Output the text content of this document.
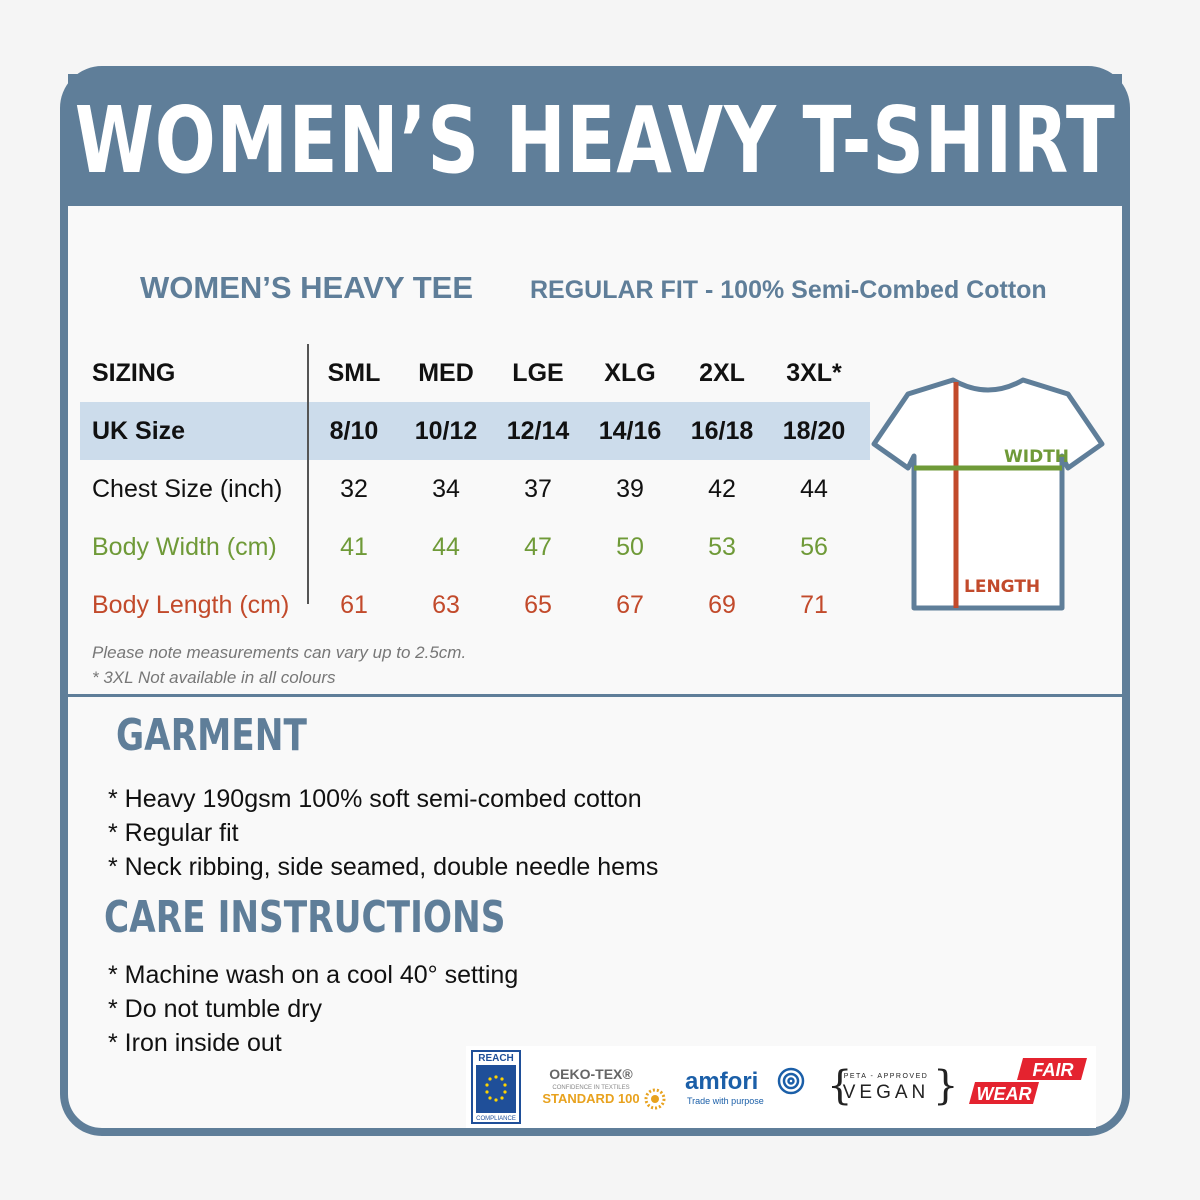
WOMEN’S HEAVY T-SHIRT
WOMEN’S HEAVY TEE REGULAR FIT - 100% Semi-Combed Cotton
SIZING	SML	MED	LGE	XLG	2XL	3XL*
UK Size	8/10	10/12	12/14	14/16	16/18	18/20
Chest Size (inch)	32	34	37	39	42	44
Body Width (cm)	41	44	47	50	53	56
Body Length (cm)	61	63	65	67	69	71
Please note measurements can vary up to 2.5cm.
* 3XL Not available in all colours
WIDTH
LENGTH
GARMENT
* Heavy 190gsm 100% soft semi-combed cotton
* Regular fit
* Neck ribbing, side seamed, double needle hems
CARE INSTRUCTIONS
* Machine wash on a cool 40° setting
* Do not tumble dry
* Iron inside out
REACH
COMPLIANCE
OEKO-TEX®
CONFIDENCE IN TEXTILES
STANDARD 100
amfori
Trade with purpose { }
PETA - APPROVED
VEGAN
FAIR
WEAR
